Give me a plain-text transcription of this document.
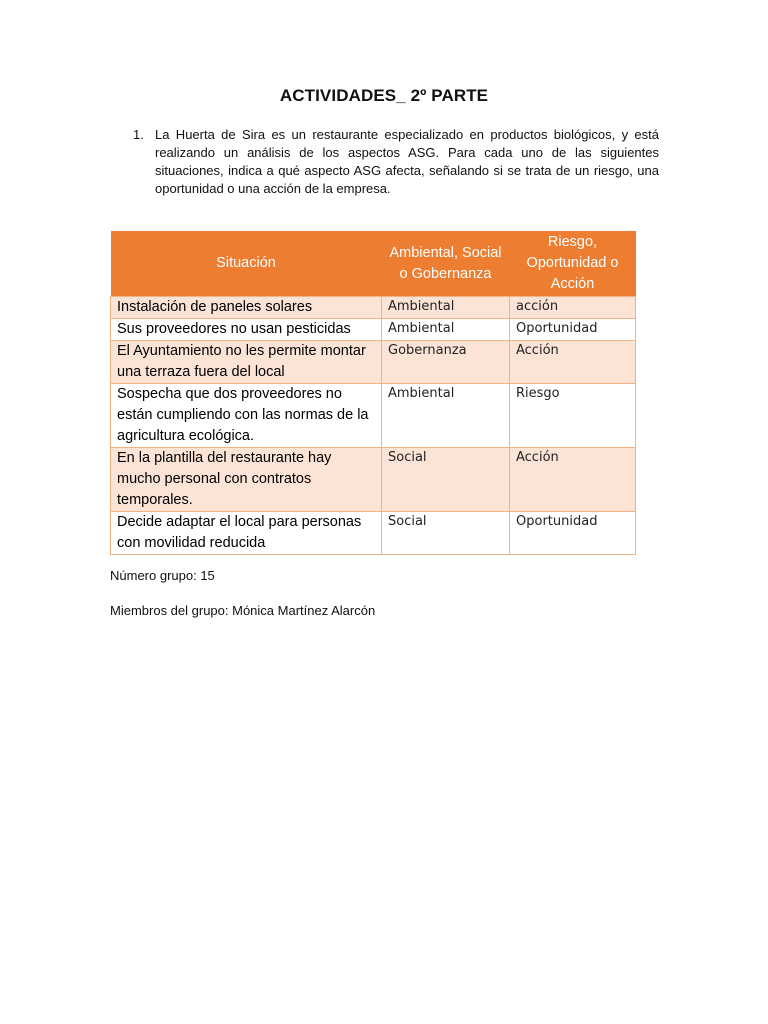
ACTIVIDADES_ 2º PARTE
1. La Huerta de Sira es un restaurante especializado en productos biológicos, y está realizando un análisis de los aspectos ASG. Para cada uno de las siguientes situaciones, indica a qué aspecto ASG afecta, señalando si se trata de un riesgo, una oportunidad o una acción de la empresa.
Situación	Ambiental, Social o Gobernanza	Riesgo, Oportunidad o Acción
Instalación de paneles solares	Ambiental	acción
Sus proveedores no usan pesticidas	Ambiental	Oportunidad
El Ayuntamiento no les permite montar una terraza fuera del local	Gobernanza	Acción
Sospecha que dos proveedores no están cumpliendo con las normas de la agricultura ecológica.	Ambiental	Riesgo
En la plantilla del restaurante hay mucho personal con contratos temporales.	Social	Acción
Decide adaptar el local para personas con movilidad reducida	Social	Oportunidad
Número grupo: 15
Miembros del grupo: Mónica Martínez Alarcón
